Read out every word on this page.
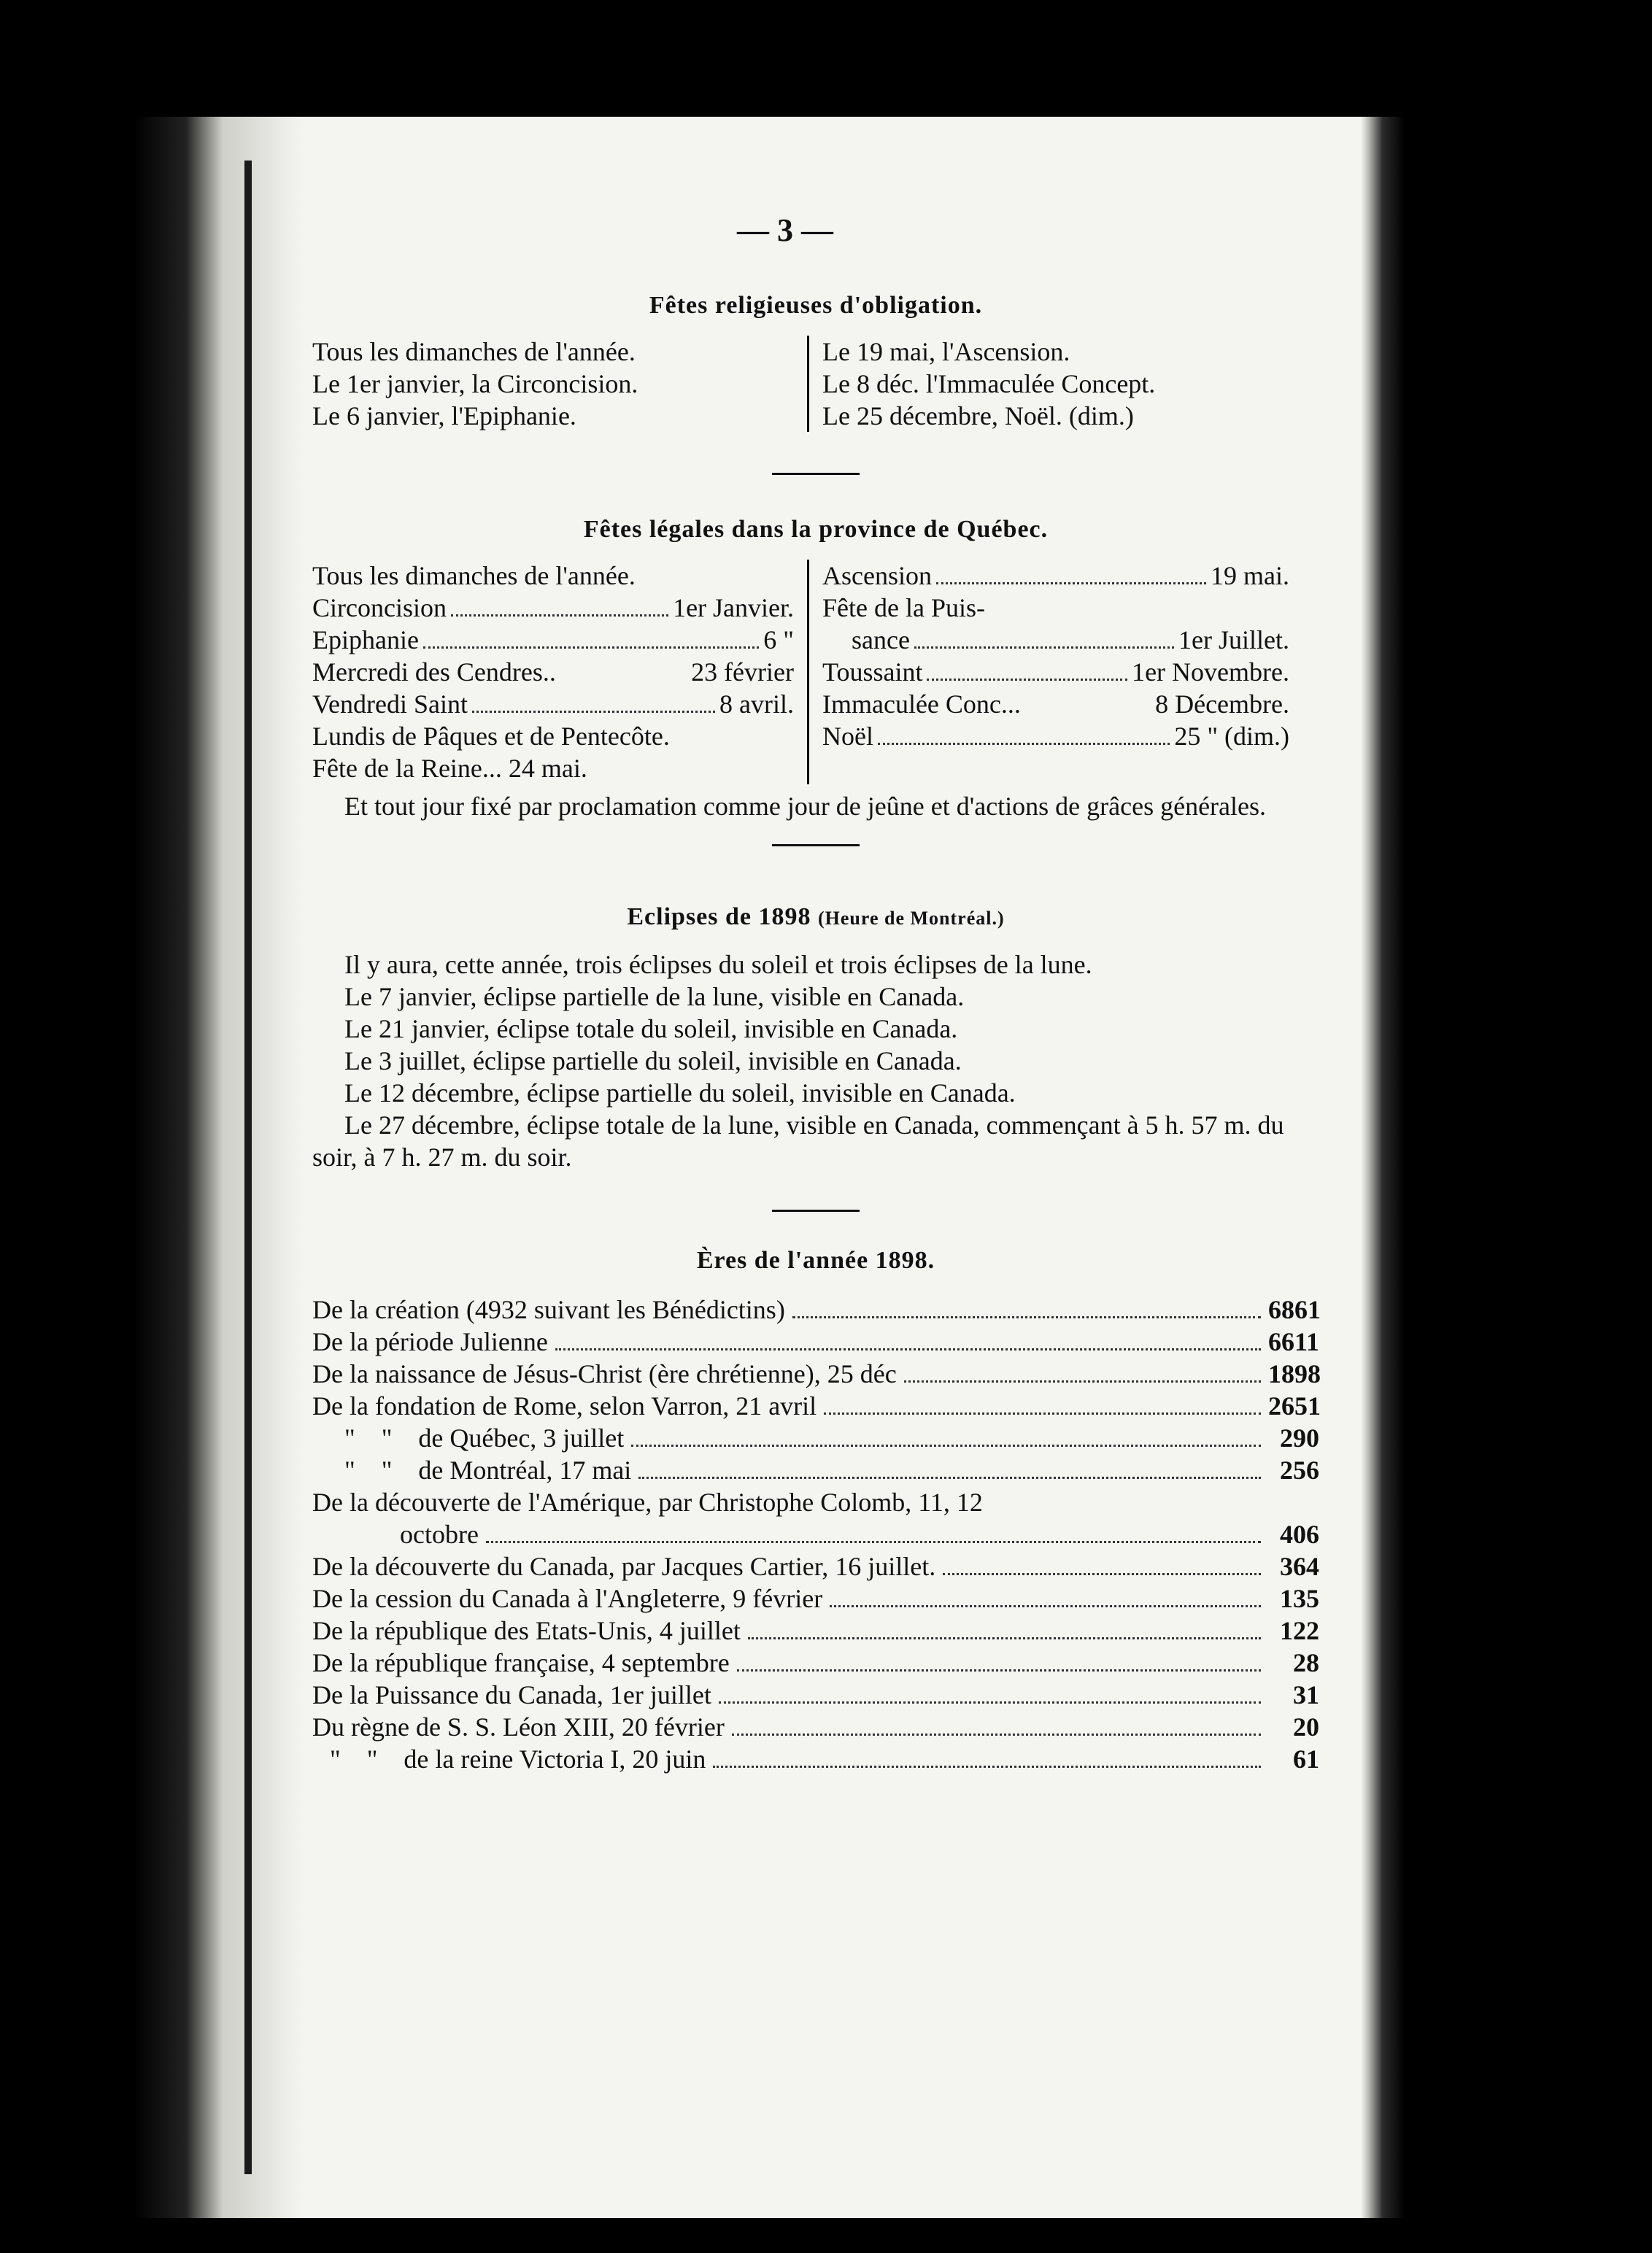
— 3 —
Fêtes religieuses d'obligation.
Tous les dimanches de l'année.
Le 1er janvier, la Circoncision.
Le 6 janvier, l'Epiphanie.
Le 19 mai, l'Ascension.
Le 8 déc. l'Immaculée Concept.
Le 25 décembre, Noël. (dim.)
Fêtes légales dans la province de Québec.
Tous les dimanches de l'année.
Circoncision	1er Janvier.
Epiphanie	6 "
Mercredi des Cendres..	23 février
Vendredi Saint	8 avril.
Lundis de Pâques et de Pentecôte.
Fête de la Reine... 24 mai.
Ascension	19 mai.
Fête de la Puis-
sance	1er Juillet.
Toussaint	1er Novembre.
Immaculée Conc...	8 Décembre.
Noël	25 " (dim.)
Et tout jour fixé par proclamation comme jour de jeûne et d'actions de grâces générales.
Eclipses de 1898 (Heure de Montréal.)
Il y aura, cette année, trois éclipses du soleil et trois éclipses de la lune.
Le 7 janvier, éclipse partielle de la lune, visible en Canada.
Le 21 janvier, éclipse totale du soleil, invisible en Canada.
Le 3 juillet, éclipse partielle du soleil, invisible en Canada.
Le 12 décembre, éclipse partielle du soleil, invisible en Canada.
Le 27 décembre, éclipse totale de la lune, visible en Canada, commençant à 5 h. 57 m. du soir, à 7 h. 27 m. du soir.
Ères de l'année 1898.
De la création (4932 suivant les Bénédictins)	6861
De la période Julienne	6611
De la naissance de Jésus-Christ (ère chrétienne), 25 déc	1898
De la fondation de Rome, selon Varron, 21 avril	2651
"    "    de Québec, 3 juillet	290
"    "    de Montréal, 17 mai	256
De la découverte de l'Amérique, par Christophe Colomb, 11, 12
octobre	406
De la découverte du Canada, par Jacques Cartier, 16 juillet.	364
De la cession du Canada à l'Angleterre, 9 février	135
De la république des Etats-Unis, 4 juillet	122
De la république française, 4 septembre	28
De la Puissance du Canada, 1er juillet	31
Du règne de S. S. Léon XIII, 20 février	20
"    "    de la reine Victoria I, 20 juin	61
